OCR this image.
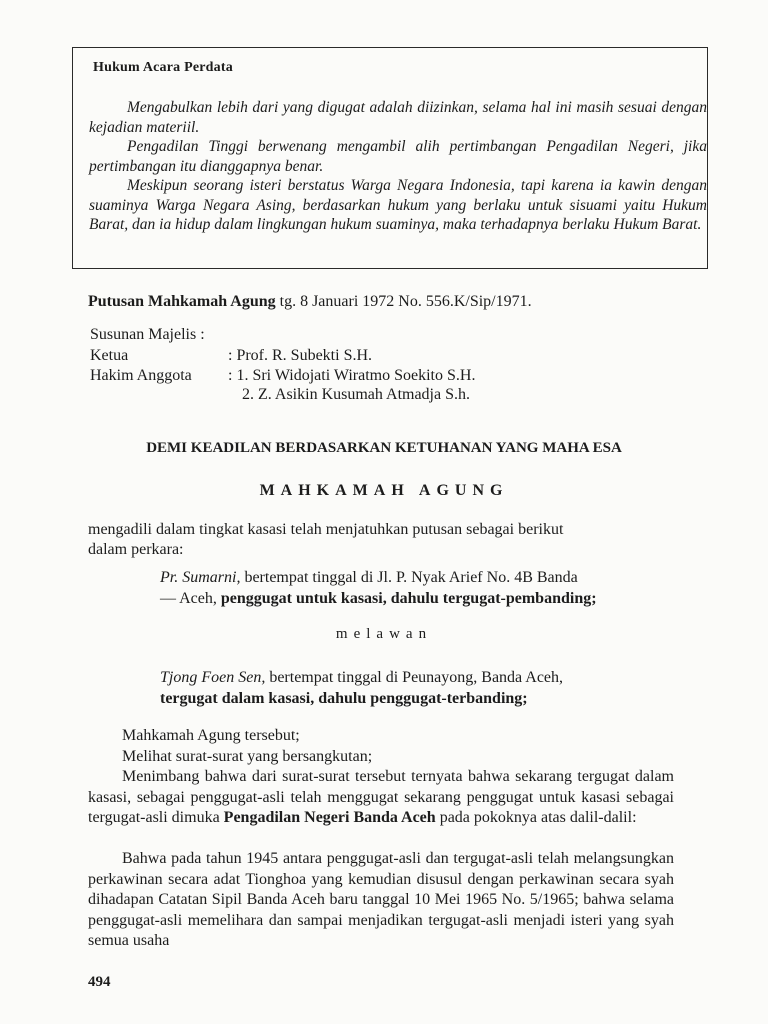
Hukum Acara Perdata

Mengabulkan lebih dari yang digugat adalah diizinkan, selama hal ini masih sesuai dengan kejadian materiil.

Pengadilan Tinggi berwenang mengambil alih pertimbangan Pengadilan Negeri, jika pertimbangan itu dianggapnya benar.

Meskipun seorang isteri berstatus Warga Negara Indonesia, tapi karena ia kawin dengan suaminya Warga Negara Asing, berdasarkan hukum yang berlaku untuk sisuami yaitu Hukum Barat, dan ia hidup dalam lingkungan hukum suaminya, maka terhadapnya berlaku Hukum Barat.

Putusan Mahkamah Agung tg. 8 Januari 1972 No. 556.K/Sip/1971.
Susunan Majelis :
Ketua	: Prof. R. Subekti S.H.
Hakim Anggota : 1. Sri Widojati Wiratmo Soekito S.H.
2. Z. Asikin Kusumah Atmadja S.h.
DEMI KEADILAN BERDASARKAN KETUHANAN YANG MAHA ESA
MAHKAMAH AGUNG
mengadili dalam tingkat kasasi telah menjatuhkan putusan sebagai berikut
dalam perkara:
Pr. Sumarni, bertempat tinggal di Jl. P. Nyak Arief No. 4B Banda
— Aceh, penggugat untuk kasasi, dahulu tergugat-pembanding;
melawan
Tjong Foen Sen, bertempat tinggal di Peunayong, Banda Aceh,
tergugat dalam kasasi, dahulu penggugat-terbanding;
Mahkamah Agung tersebut;
Melihat surat-surat yang bersangkutan;

Menimbang bahwa dari surat-surat tersebut ternyata bahwa sekarang tergugat dalam kasasi, sebagai penggugat-asli telah menggugat sekarang penggugat untuk kasasi sebagai tergugat-asli dimuka Pengadilan Negeri Banda Aceh pada pokoknya atas dalil-dalil:

Bahwa pada tahun 1945 antara penggugat-asli dan tergugat-asli telah melangsungkan perkawinan secara adat Tionghoa yang kemudian disusul dengan perkawinan secara syah dihadapan Catatan Sipil Banda Aceh baru tanggal 10 Mei 1965 No. 5/1965; bahwa selama penggugat-asli memelihara dan sampai menjadikan tergugat-asli menjadi isteri yang syah semua usaha

494
